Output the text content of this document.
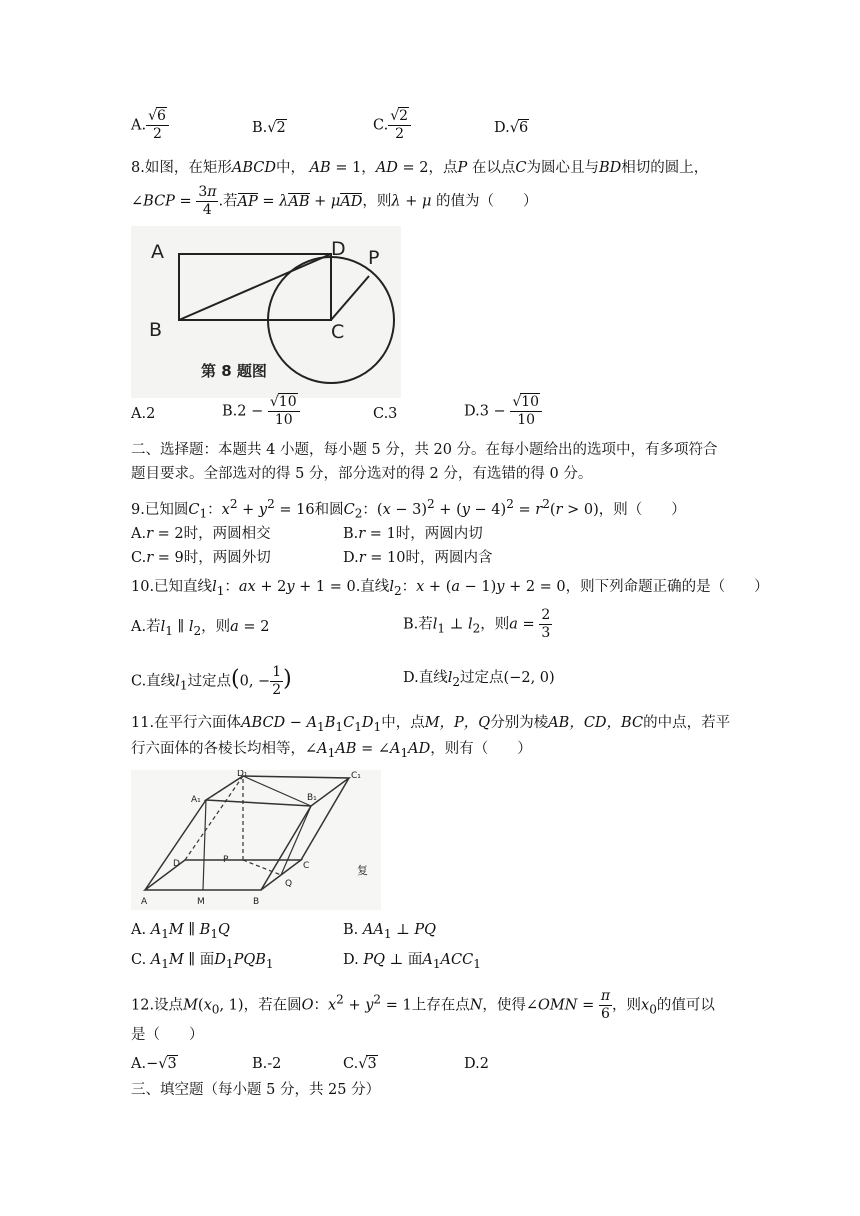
A. $\frac{√6}{2}$	B.√2	C. $\frac{√2}{2}$	D.√6
8.如图，在矩形ABCD中， AB = 1，AD = 2，点P 在以点C为圆心且与BD相切的圆上，
∠BCP = $\frac{3\pi}{4}$ .若AP = λAB + μAD，则λ + μ 的值为（　　）
A	D P
B	C
第 8 题图
A.2	$B.2 - \frac{√10}{10}$	C.3	$D.3 - \frac{√10}{10}$
二、选择题：本题共 4 小题，每小题 5 分，共 20 分。在每小题给出的选项中，有多项符合
题目要求。全部选对的得 5 分，部分选对的得 2 分，有选错的得 0 分。
9.已知圆$C_1$：$x^2 + y^2 = 16$和圆$C_2$：$(x - 3)^2 + (y - 4)^2 = r^2(r > 0)$，则（　　）
A.r = 2时，两圆相交	B.r = 1时，两圆内切
C.r = 9时，两圆外切	D.r = 10时，两圆内含
10.已知直线$l_1$：ax + 2y + 1 = 0.直线$l_2$：x + (a − 1)y + 2 = 0，则下列命题正确的是（　　）
A.若$l_1$ ∥ $l_2$，则a = 2	B.若$l_1$ ⊥ $l_2$，则$a = \frac{2}{3}$
C.直线$l_1$过定点(0, − $\frac{1}{2}$ )	D.直线$l_2$过定点(−2, 0)
11.在平行六面体ABCD − $A_1B_1C_1D_1$中，点M，P，Q分别为棱AB，CD，BC的中点，若平
行六面体的各棱长均相等，$\angle A_1AB$ = $\angle A_1AD$，则有（　　）
D₁	C₁
A₁	B₁
D	C
P
Q
A	M	B
复
A. $A_1M$ ∥ $B_1Q$	B. $AA_1$ ⊥ PQ
C. $A_1M$ ∥ 面$D_1PQB_1$	D. PQ ⊥ 面$A_1ACC_1$
12.设点$M(x_0$, 1)，若在圆O：$x^2 + y^2 = 1$上存在点N，使得∠OMN = $\frac{\pi}{6}$ ，则$x_0$的值可以
是（　　）
A.−√3	B.-2	C.√3	D.2
三、填空题（每小题 5 分，共 25 分）
